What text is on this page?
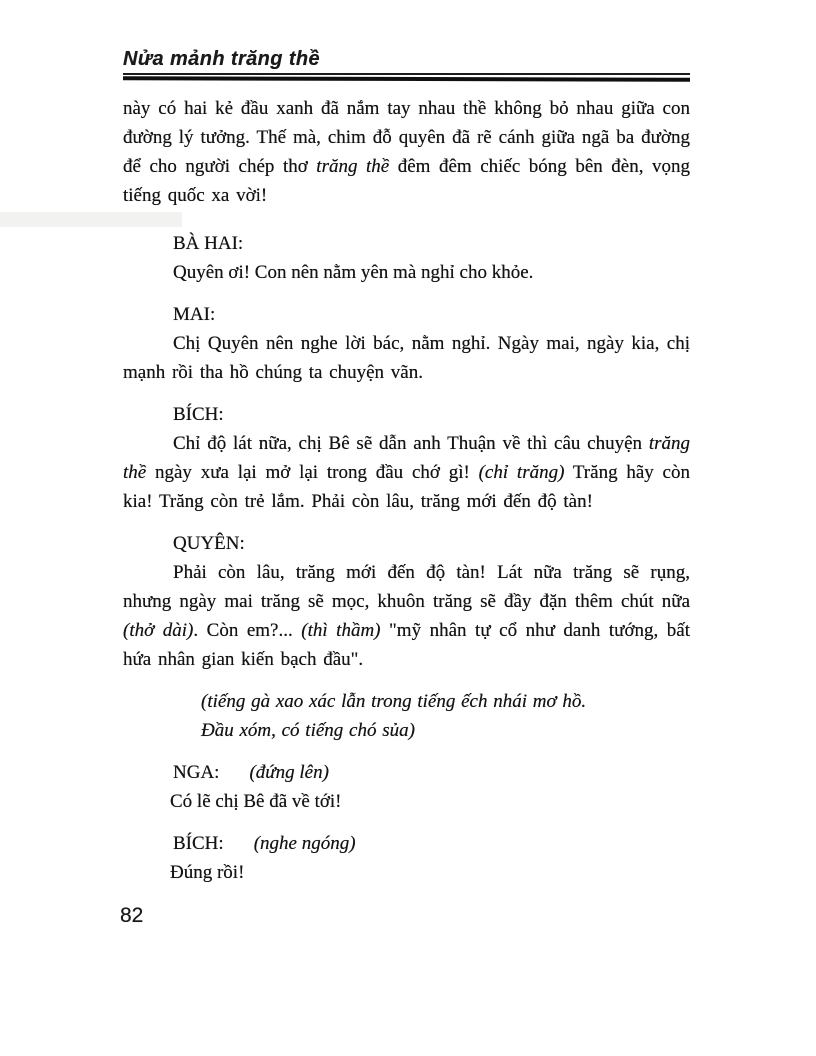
Nửa mảnh trăng thề

này có hai kẻ đầu xanh đã nắm tay nhau thề không bỏ nhau giữa con đường lý tưởng. Thế mà, chim đỗ quyên đã rẽ cánh giữa ngã ba đường để cho người chép thơ trăng thề đêm đêm chiếc bóng bên đèn, vọng tiếng quốc xa vời!

BÀ HAI:
Quyên ơi! Con nên nằm yên mà nghỉ cho khỏe.
MAI:

Chị Quyên nên nghe lời bác, nằm nghỉ. Ngày mai, ngày kia, chị mạnh rồi tha hồ chúng ta chuyện vãn.

BÍCH:

Chỉ độ lát nữa, chị Bê sẽ dẫn anh Thuận về thì câu chuyện trăng thề ngày xưa lại mở lại trong đầu chớ gì! (chỉ trăng) Trăng hãy còn kia! Trăng còn trẻ lắm. Phải còn lâu, trăng mới đến độ tàn!

QUYÊN:

Phải còn lâu, trăng mới đến độ tàn! Lát nữa trăng sẽ rụng, nhưng ngày mai trăng sẽ mọc, khuôn trăng sẽ đầy đặn thêm chút nữa (thở dài). Còn em?... (thì thầm) "mỹ nhân tự cổ như danh tướng, bất hứa nhân gian kiến bạch đầu".

(tiếng gà xao xác lẫn trong tiếng ếch nhái mơ hồ.
Đầu xóm, có tiếng chó sủa)
NGA: (đứng lên)
Có lẽ chị Bê đã về tới!
BÍCH: (nghe ngóng)
Đúng rồi!
82
